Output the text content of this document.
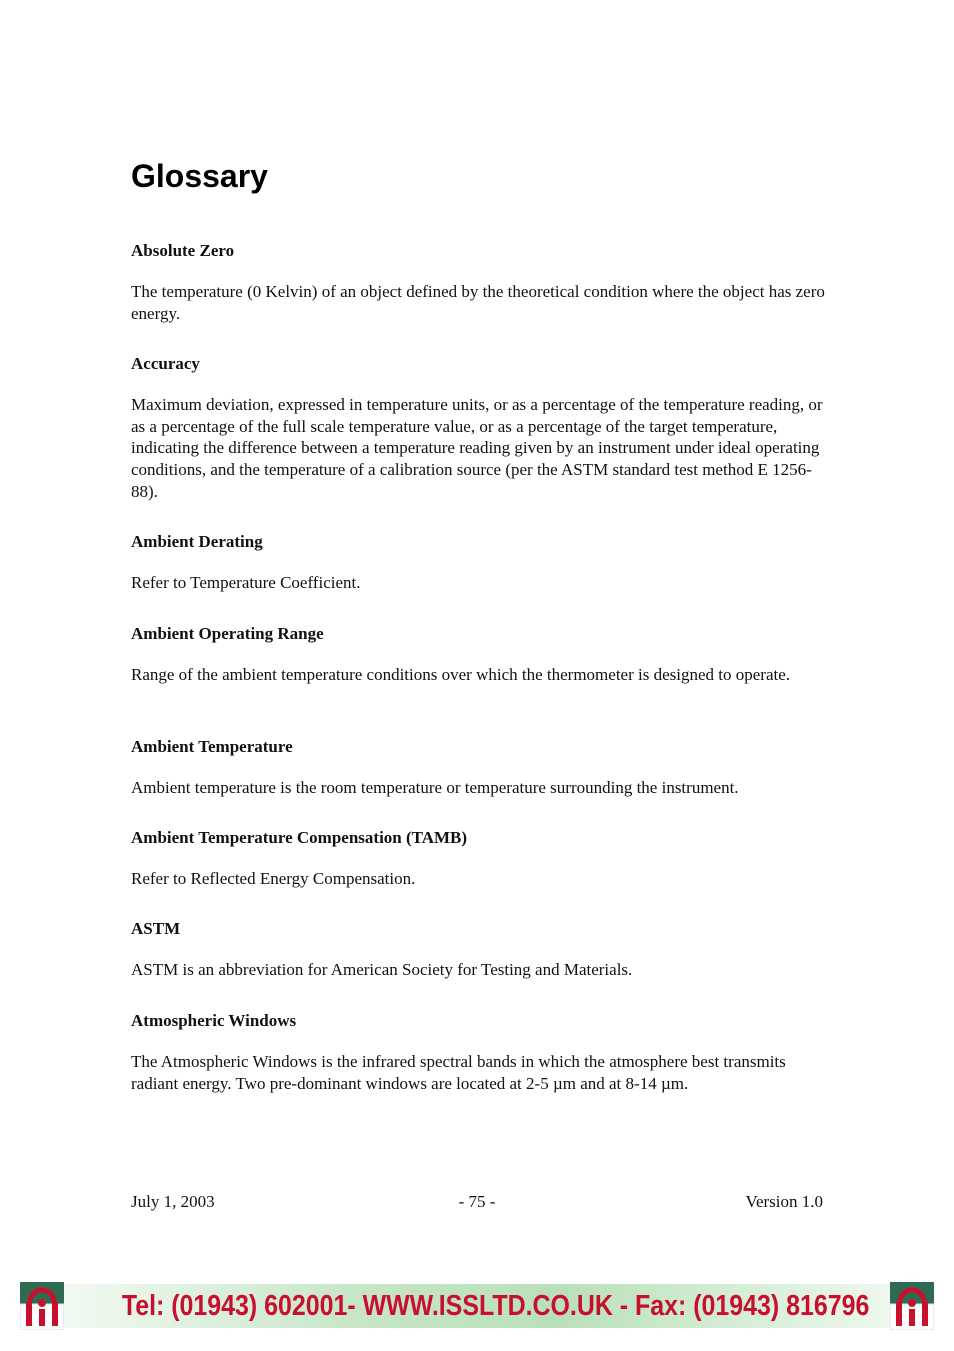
Glossary

Absolute Zero

The temperature (0 Kelvin) of an object defined by the theoretical condition where the object has zero energy.

Accuracy

Maximum deviation, expressed in temperature units, or as a percentage of the temperature reading, or as a percentage of the full scale temperature value, or as a percentage of the target temperature, indicating the difference between a temperature reading given by an instrument under ideal operating conditions, and the temperature of a calibration source (per the ASTM standard test method E 1256-88).

Ambient Derating

Refer to Temperature Coefficient.

Ambient Operating Range

Range of the ambient temperature conditions over which the thermometer is designed to operate.

Ambient Temperature

Ambient temperature is the room temperature or temperature surrounding the instrument.

Ambient Temperature Compensation (TAMB)

Refer to Reflected Energy Compensation.

ASTM

ASTM is an abbreviation for American Society for Testing and Materials.

Atmospheric Windows

The Atmospheric Windows is the infrared spectral bands in which the atmosphere best transmits radiant energy. Two pre-dominant windows are located at 2-5 µm and at 8-14 µm.

- 75 -
July 1, 2003	Version 1.0
Tel: (01943) 602001- WWW.ISSLTD.CO.UK - Fax: (01943) 816796
